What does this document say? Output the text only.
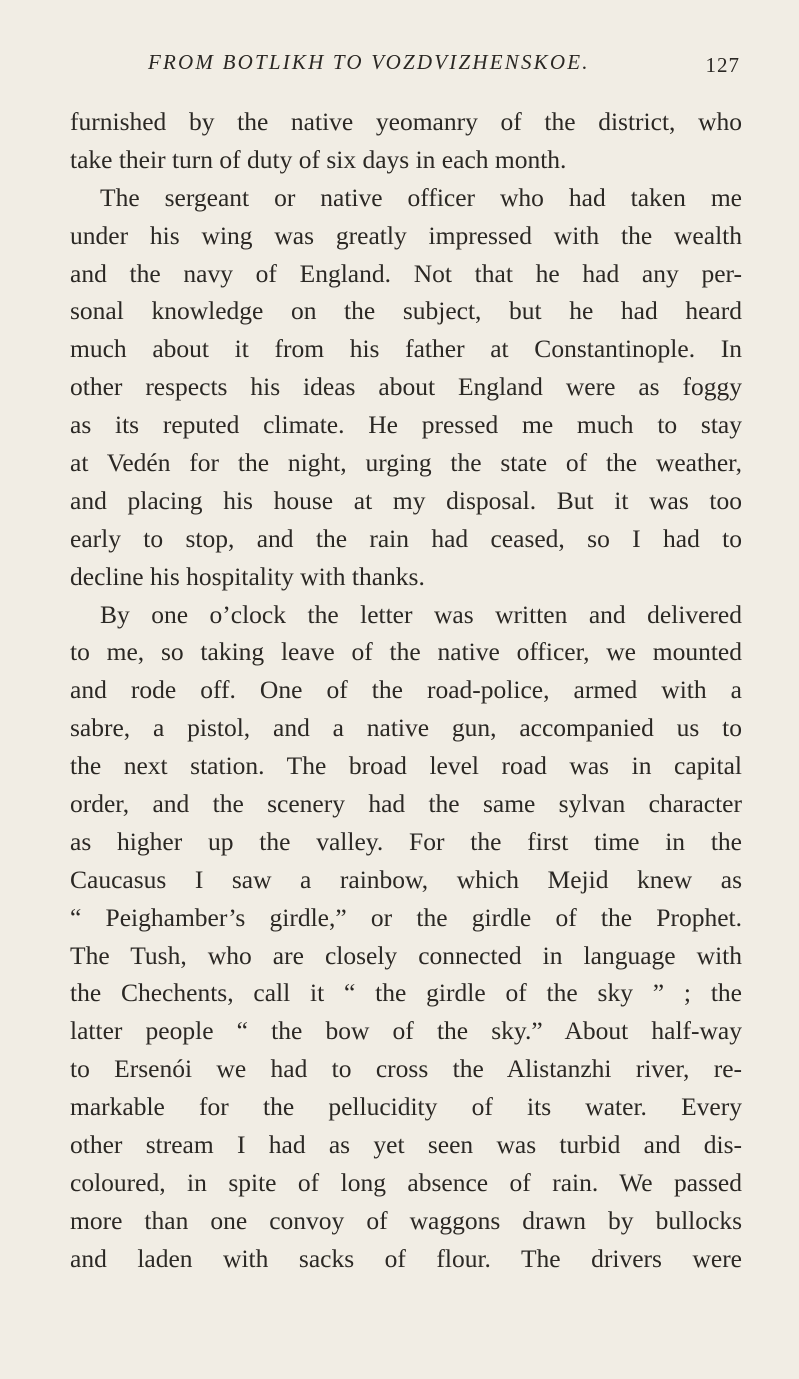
FROM BOTLIKH TO VOZDVIZHENSKOE.	127
furnished by the native yeomanry of the district, who
take their turn of duty of six days in each month.
The sergeant or native officer who had taken me
under his wing was greatly impressed with the wealth
and the navy of England. Not that he had any per-
sonal knowledge on the subject, but he had heard
much about it from his father at Constantinople. In
other respects his ideas about England were as foggy
as its reputed climate. He pressed me much to stay
at Vedén for the night, urging the state of the weather,
and placing his house at my disposal. But it was too
early to stop, and the rain had ceased, so I had to
decline his hospitality with thanks.
By one o’clock the letter was written and delivered
to me, so taking leave of the native officer, we mounted
and rode off. One of the road-police, armed with a
sabre, a pistol, and a native gun, accompanied us to
the next station. The broad level road was in capital
order, and the scenery had the same sylvan character
as higher up the valley. For the first time in the
Caucasus I saw a rainbow, which Mejid knew as
“ Peighamber’s girdle,” or the girdle of the Prophet.
The Tush, who are closely connected in language with
the Chechents, call it “ the girdle of the sky ” ; the
latter people “ the bow of the sky.” About half-way
to Ersenói we had to cross the Alistanzhi river, re-
markable for the pellucidity of its water. Every
other stream I had as yet seen was turbid and dis-
coloured, in spite of long absence of rain. We passed
more than one convoy of waggons drawn by bullocks
and laden with sacks of flour. The drivers were
